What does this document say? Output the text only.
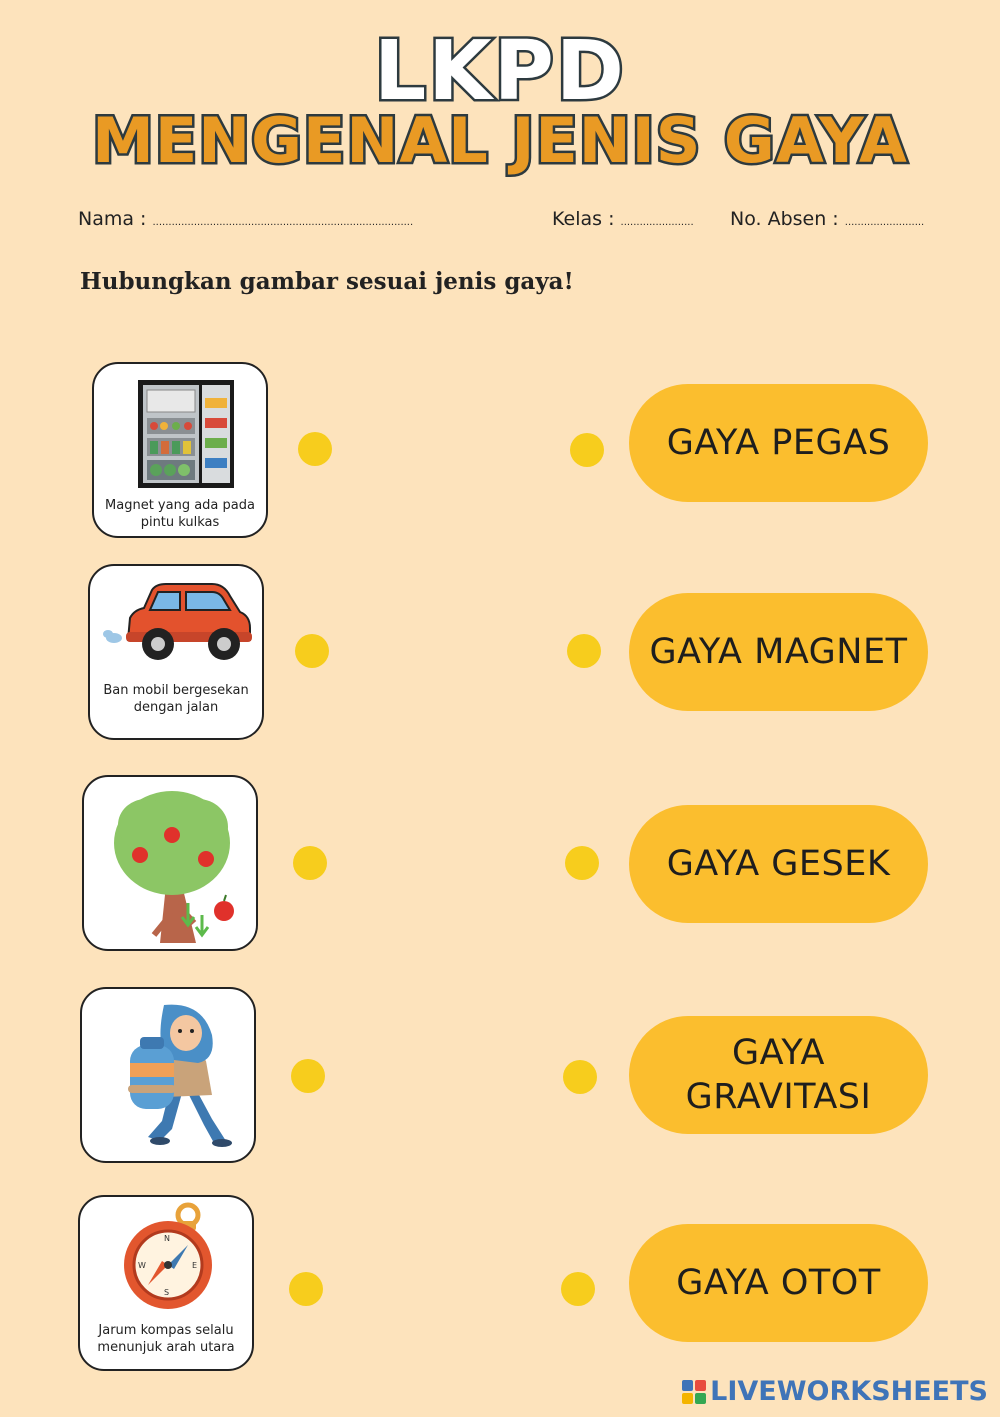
LKPD
MENGENAL JENIS GAYA
Nama : ..................................................................................	Kelas : ....................... No. Absen : .........................
Hubungkan gambar sesuai jenis gaya!
Magnet yang ada pada
pintu kulkas
Ban mobil bergesekan
dengan jalan
N
S
W	E
Jarum kompas selalu
menunjuk arah utara
GAYA PEGAS
GAYA MAGNET
GAYA GESEK
GAYA
GRAVITASI
GAYA OTOT
LIVEWORKSHEETS
